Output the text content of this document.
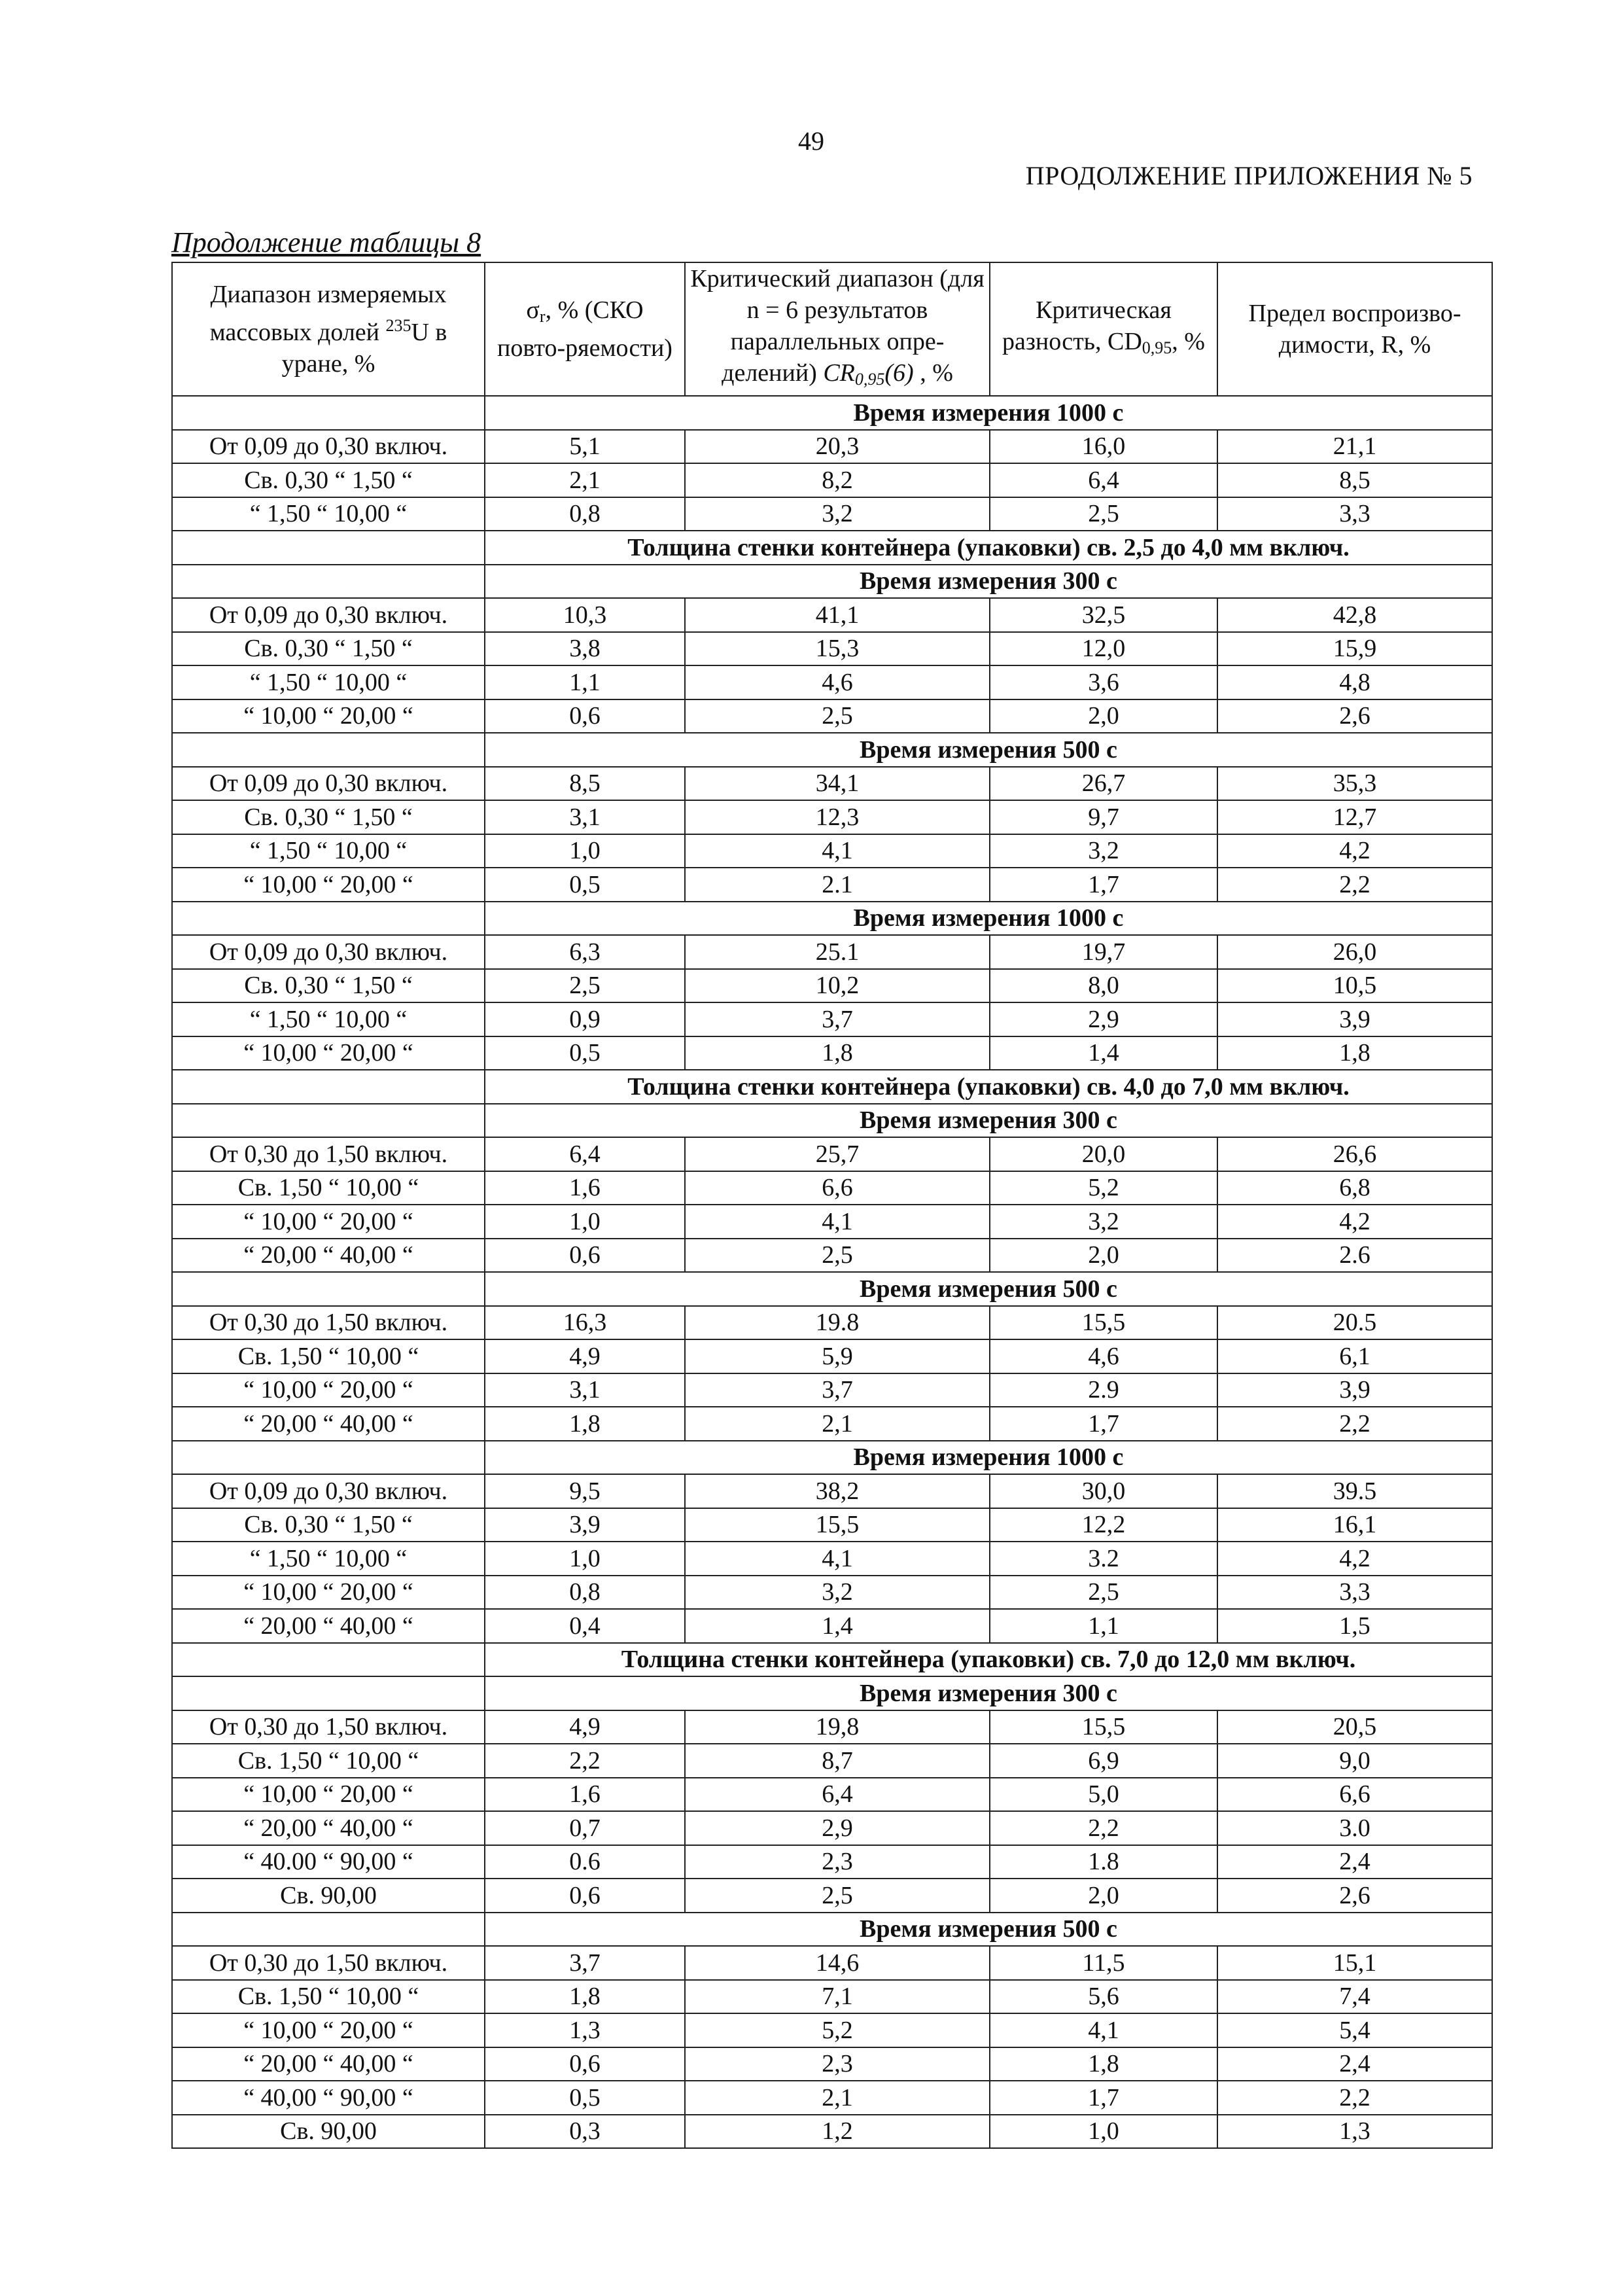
49
ПРОДОЛЖЕНИЕ ПРИЛОЖЕНИЯ № 5
Продолжение таблицы 8
Диапазон измеряемых массовых долей $^{235}$U в уране, %	$\sigma_r$, % (СКО повто-ряемости)	Критический диапазон (для n = 6 результатов параллельных опре-делений) $CR_{0,95}(6)$ , %	Критическая разность, $CD_{0,95}$, %	Предел воспроизво-димости, R, %
	Время измерения 1000 с			
От 0,09 до 0,30 включ.	5,1	20,3	16,0	21,1
Св. 0,30 “ 1,50 “	2,1	8,2	6,4	8,5
“ 1,50 “ 10,00 “	0,8	3,2	2,5	3,3
	Толщина стенки контейнера (упаковки) св. 2,5 до 4,0 мм включ.			
	Время измерения 300 с			
От 0,09 до 0,30 включ.	10,3	41,1	32,5	42,8
Св. 0,30 “ 1,50 “	3,8	15,3	12,0	15,9
“ 1,50 “ 10,00 “	1,1	4,6	3,6	4,8
“ 10,00 “ 20,00 “	0,6	2,5	2,0	2,6
	Время измерения 500 с			
От 0,09 до 0,30 включ.	8,5	34,1	26,7	35,3
Св. 0,30 “ 1,50 “	3,1	12,3	9,7	12,7
“ 1,50 “ 10,00 “	1,0	4,1	3,2	4,2
“ 10,00 “ 20,00 “	0,5	2.1	1,7	2,2
	Время измерения 1000 с			
От 0,09 до 0,30 включ.	6,3	25.1	19,7	26,0
Св. 0,30 “ 1,50 “	2,5	10,2	8,0	10,5
“ 1,50 “ 10,00 “	0,9	3,7	2,9	3,9
“ 10,00 “ 20,00 “	0,5	1,8	1,4	1,8
	Толщина стенки контейнера (упаковки) св. 4,0 до 7,0 мм включ.			
	Время измерения 300 с			
От 0,30 до 1,50 включ.	6,4	25,7	20,0	26,6
Св. 1,50 “ 10,00 “	1,6	6,6	5,2	6,8
“ 10,00 “ 20,00 “	1,0	4,1	3,2	4,2
“ 20,00 “ 40,00 “	0,6	2,5	2,0	2.6
	Время измерения 500 с			
От 0,30 до 1,50 включ.	16,3	19.8	15,5	20.5
Св. 1,50 “ 10,00 “	4,9	5,9	4,6	6,1
“ 10,00 “ 20,00 “	3,1	3,7	2.9	3,9
“ 20,00 “ 40,00 “	1,8	2,1	1,7	2,2
	Время измерения 1000 с			
От 0,09 до 0,30 включ.	9,5	38,2	30,0	39.5
Св. 0,30 “ 1,50 “	3,9	15,5	12,2	16,1
“ 1,50 “ 10,00 “	1,0	4,1	3.2	4,2
“ 10,00 “ 20,00 “	0,8	3,2	2,5	3,3
“ 20,00 “ 40,00 “	0,4	1,4	1,1	1,5
	Толщина стенки контейнера (упаковки) св. 7,0 до 12,0 мм включ.			
	Время измерения 300 с			
От 0,30 до 1,50 включ.	4,9	19,8	15,5	20,5
Св. 1,50 “ 10,00 “	2,2	8,7	6,9	9,0
“ 10,00 “ 20,00 “	1,6	6,4	5,0	6,6
“ 20,00 “ 40,00 “	0,7	2,9	2,2	3.0
“ 40.00 “ 90,00 “	0.6	2,3	1.8	2,4
Св. 90,00	0,6	2,5	2,0	2,6
	Время измерения 500 с			
От 0,30 до 1,50 включ.	3,7	14,6	11,5	15,1
Св. 1,50 “ 10,00 “	1,8	7,1	5,6	7,4
“ 10,00 “ 20,00 “	1,3	5,2	4,1	5,4
“ 20,00 “ 40,00 “	0,6	2,3	1,8	2,4
“ 40,00 “ 90,00 “	0,5	2,1	1,7	2,2
Св. 90,00	0,3	1,2	1,0	1,3
